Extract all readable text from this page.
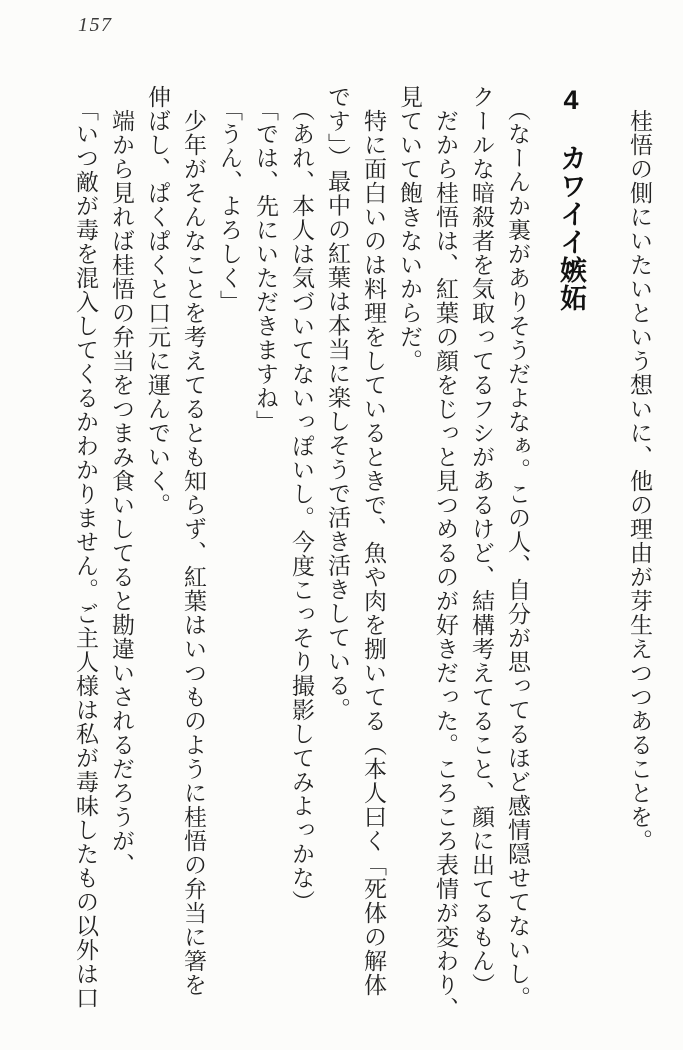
157

桂悟の側にいたいという想いに、他の理由が芽生えつつあることを。

4　カワイイ嫉妬

（なーんか裏がありそうだよなぁ。この人、自分が思ってるほど感情隠せてないし。

クールな暗殺者を気取ってるフシがあるけど、結構考えてること、顔に出てるもん）

だから桂悟は、紅葉の顔をじっと見つめるのが好きだった。ころころ表情が変わり、

見ていて飽きないからだ。

特に面白いのは料理をしているときで、魚や肉を捌いてる（本人曰く「死体の解体

です」）最中の紅葉は本当に楽しそうで活き活きしている。

（あれ、本人は気づいてないっぽいし。今度こっそり撮影してみよっかな）

「では、先にいただきますね」

「うん、よろしく」

少年がそんなことを考えてるとも知らず、紅葉はいつものように桂悟の弁当に箸を

伸ばし、ぱくぱくと口元に運んでいく。

端から見れば桂悟の弁当をつまみ食いしてると勘違いされるだろうが、

「いつ敵が毒を混入してくるかわかりません。ご主人様は私が毒味したもの以外は口
